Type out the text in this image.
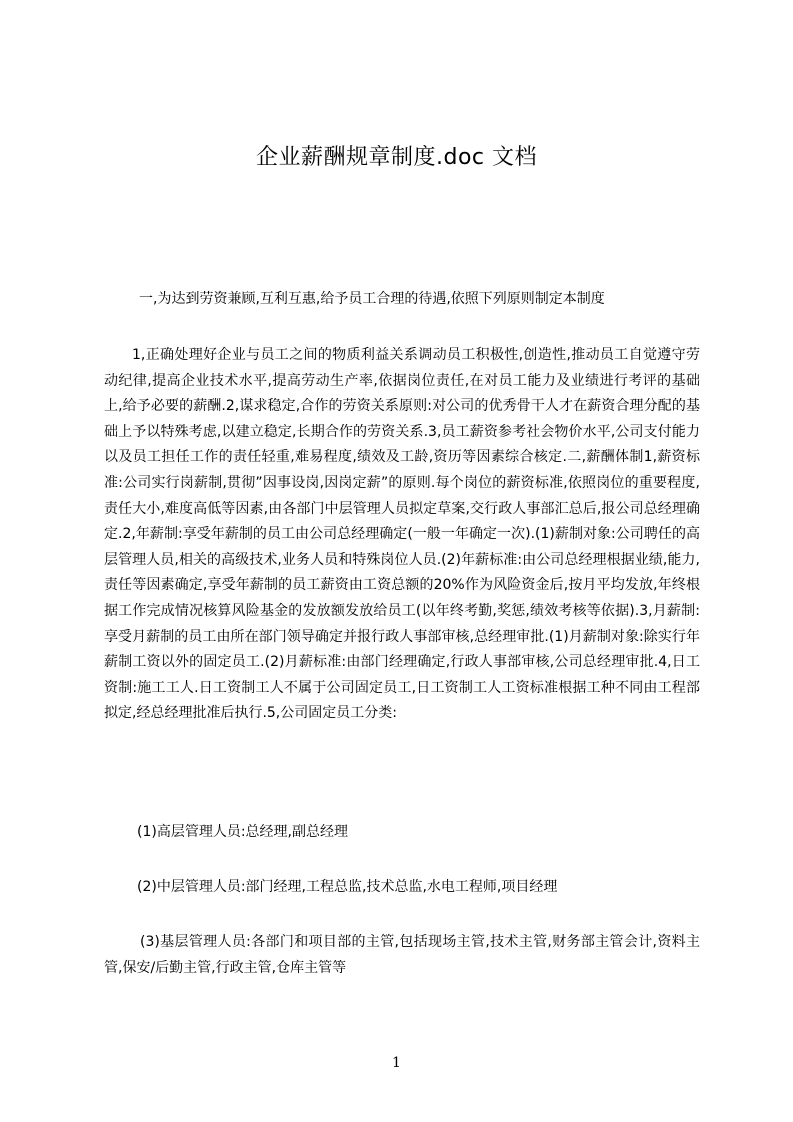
企业薪酬规章制度.doc 文档
一,为达到劳资兼顾,互利互惠,给予员工合理的待遇,依照下列原则制定本制度
1,正确处理好企业与员工之间的物质利益关系调动员工积极性,创造性,推动员工自觉遵守劳动纪律,提高企业技术水平,提高劳动生产率,依据岗位责任,在对员工能力及业绩进行考评的基础上,给予必要的薪酬.2,谋求稳定,合作的劳资关系原则:对公司的优秀骨干人才在薪资合理分配的基础上予以特殊考虑,以建立稳定,长期合作的劳资关系.3,员工薪资参考社会物价水平,公司支付能力以及员工担任工作的责任轻重,难易程度,绩效及工龄,资历等因素综合核定.二,薪酬体制1,薪资标准:公司实行岗薪制,贯彻”因事设岗,因岗定薪”的原则.每个岗位的薪资标准,依照岗位的重要程度,责任大小,难度高低等因素,由各部门中层管理人员拟定草案,交行政人事部汇总后,报公司总经理确定.2,年薪制:享受年薪制的员工由公司总经理确定(一般一年确定一次).(1)薪制对象:公司聘任的高层管理人员,相关的高级技术,业务人员和特殊岗位人员.(2)年薪标准:由公司总经理根据业绩,能力,责任等因素确定,享受年薪制的员工薪资由工资总额的20%作为风险资金后,按月平均发放,年终根据工作完成情况核算风险基金的发放额发放给员工(以年终考勤,奖惩,绩效考核等依据).3,月薪制:享受月薪制的员工由所在部门领导确定并报行政人事部审核,总经理审批.(1)月薪制对象:除实行年薪制工资以外的固定员工.(2)月薪标准:由部门经理确定,行政人事部审核,公司总经理审批.4,日工资制:施工工人.日工资制工人不属于公司固定员工,日工资制工人工资标准根据工种不同由工程部拟定,经总经理批准后执行.5,公司固定员工分类:
(1)高层管理人员:总经理,副总经理
(2)中层管理人员:部门经理,工程总监,技术总监,水电工程师,项目经理
(3)基层管理人员:各部门和项目部的主管,包括现场主管,技术主管,财务部主管会计,资料主管,保安/后勤主管,行政主管,仓库主管等
1
